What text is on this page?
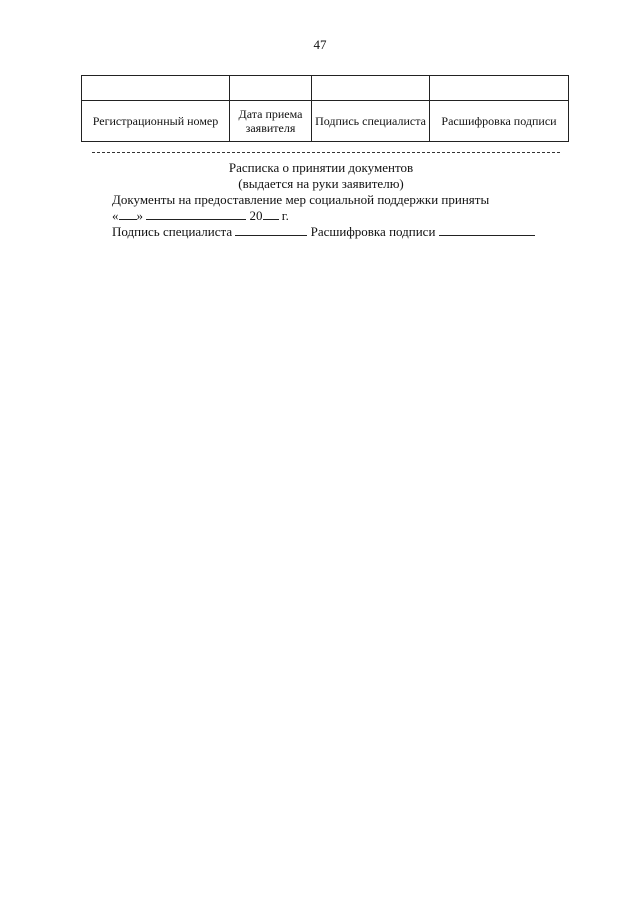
47

Регистрационный номер	Дата приема заявителя	Подпись специалиста	Расшифровка подписи
Расписка о принятии документов
(выдается на руки заявителю)
Документы на предоставление мер социальной поддержки приняты
« »	20 г.
Подпись специалиста	Расшифровка подписи
